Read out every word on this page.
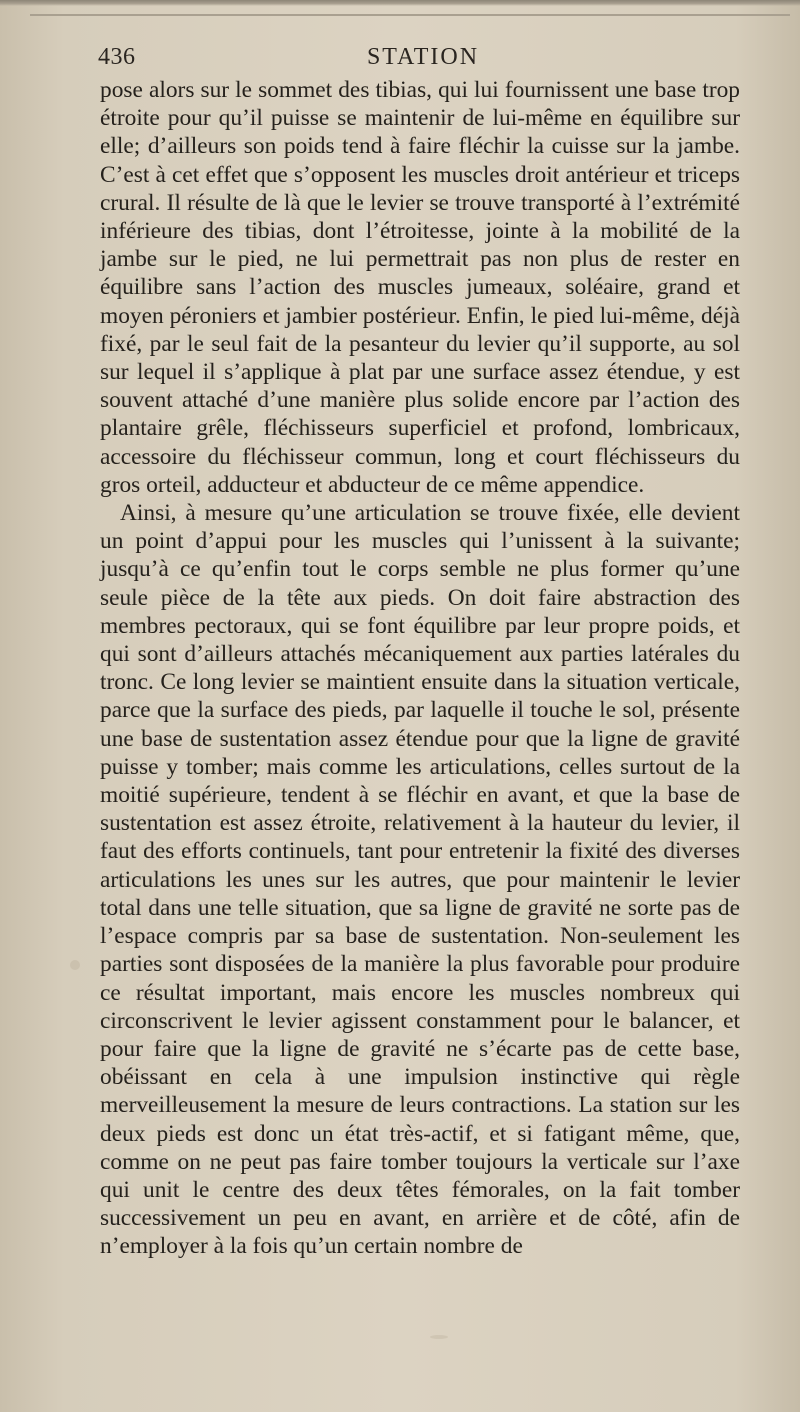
436	STATION

pose alors sur le sommet des tibias, qui lui fournissent une base trop étroite pour qu’il puisse se maintenir de lui-même en équilibre sur elle; d’ailleurs son poids tend à faire fléchir la cuisse sur la jambe. C’est à cet effet que s’opposent les muscles droit antérieur et triceps crural. Il résulte de là que le levier se trouve transporté à l’extrémité inférieure des tibias, dont l’étroitesse, jointe à la mobilité de la jambe sur le pied, ne lui permettrait pas non plus de rester en équilibre sans l’action des muscles jumeaux, soléaire, grand et moyen péroniers et jambier postérieur. Enfin, le pied lui-même, déjà fixé, par le seul fait de la pesanteur du levier qu’il supporte, au sol sur lequel il s’applique à plat par une surface assez étendue, y est souvent attaché d’une manière plus solide encore par l’action des plantaire grêle, fléchisseurs superficiel et profond, lombricaux, accessoire du fléchisseur commun, long et court fléchisseurs du gros orteil, adducteur et abducteur de ce même appendice.

Ainsi, à mesure qu’une articulation se trouve fixée, elle devient un point d’appui pour les muscles qui l’unissent à la suivante; jusqu’à ce qu’enfin tout le corps semble ne plus former qu’une seule pièce de la tête aux pieds. On doit faire abstraction des membres pectoraux, qui se font équilibre par leur propre poids, et qui sont d’ailleurs attachés mécaniquement aux parties latérales du tronc. Ce long levier se maintient ensuite dans la situation verticale, parce que la surface des pieds, par laquelle il touche le sol, présente une base de sustentation assez étendue pour que la ligne de gravité puisse y tomber; mais comme les articulations, celles surtout de la moitié supérieure, tendent à se fléchir en avant, et que la base de sustentation est assez étroite, relativement à la hauteur du levier, il faut des efforts continuels, tant pour entretenir la fixité des diverses articulations les unes sur les autres, que pour maintenir le levier total dans une telle situation, que sa ligne de gravité ne sorte pas de l’espace compris par sa base de sustentation. Non-seulement les parties sont disposées de la manière la plus favorable pour produire ce résultat important, mais encore les muscles nombreux qui circonscrivent le levier agissent constamment pour le balancer, et pour faire que la ligne de gravité ne s’écarte pas de cette base, obéissant en cela à une impulsion instinctive qui règle merveilleusement la mesure de leurs contractions. La station sur les deux pieds est donc un état très-actif, et si fatigant même, que, comme on ne peut pas faire tomber toujours la verticale sur l’axe qui unit le centre des deux têtes fémorales, on la fait tomber successivement un peu en avant, en arrière et de côté, afin de n’employer à la fois qu’un certain nombre de
